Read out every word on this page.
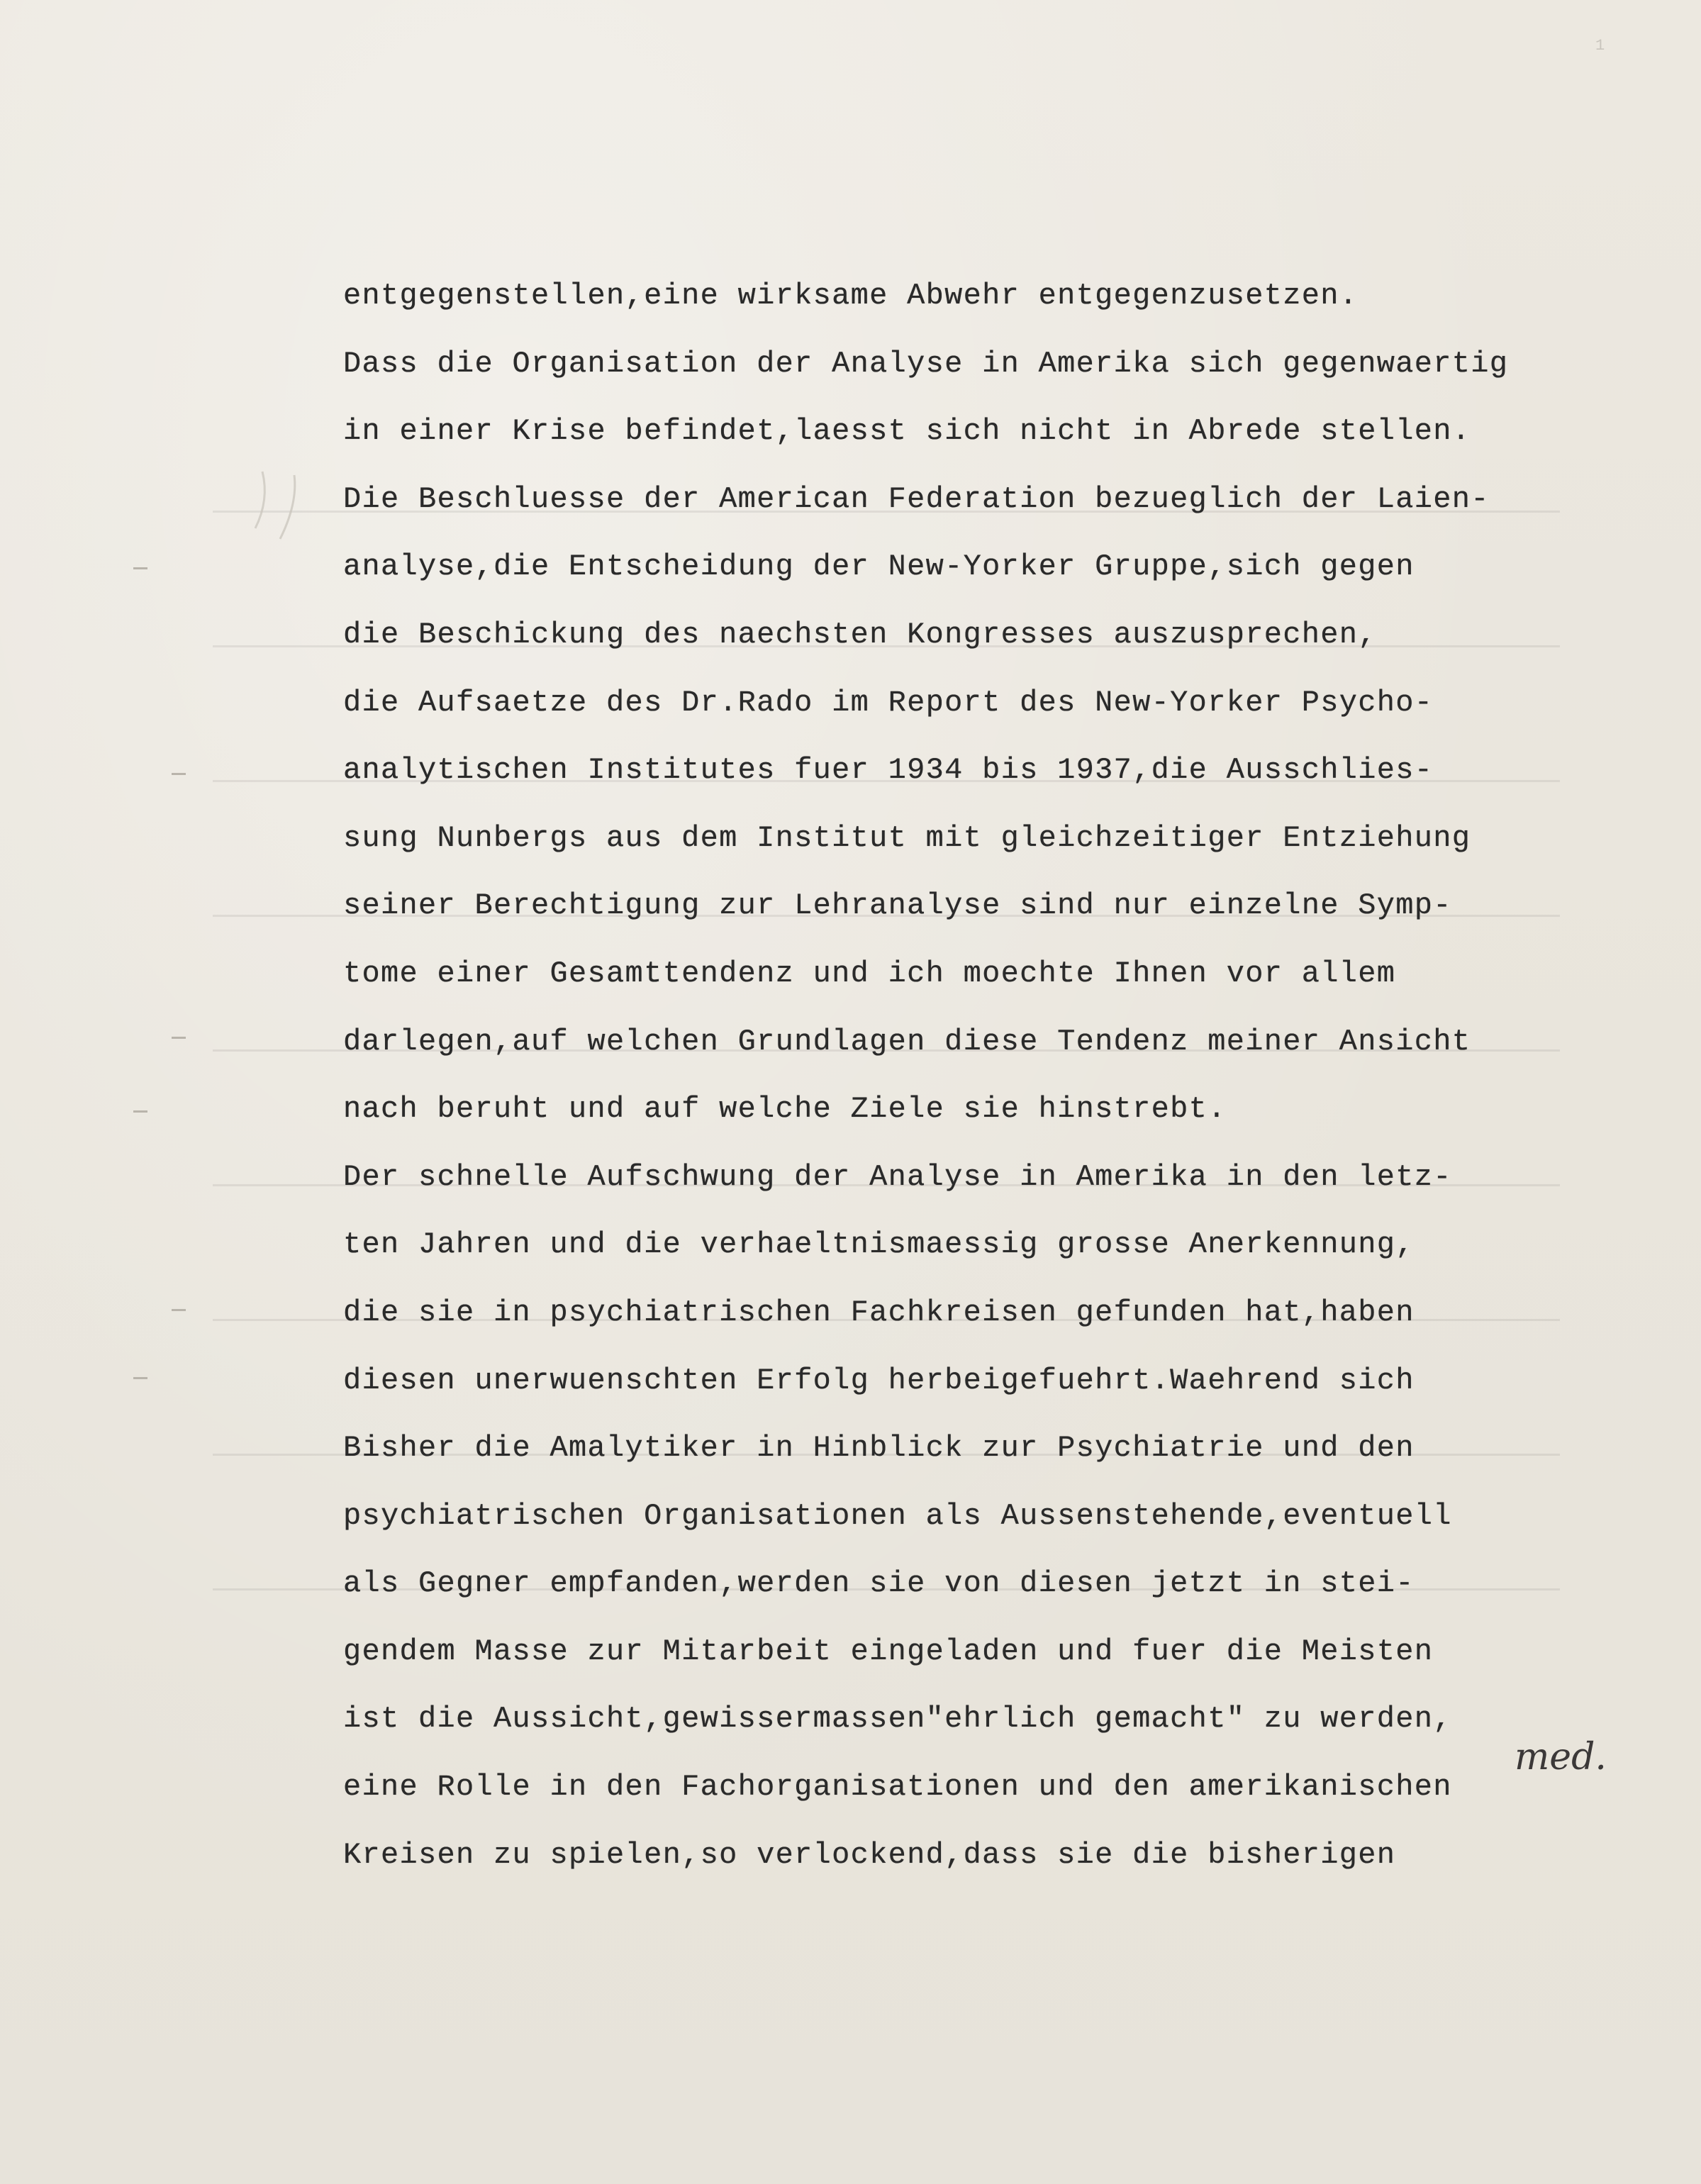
1
entgegenstellen,eine wirksame Abwehr entgegenzusetzen.
Dass die Organisation der Analyse in Amerika sich gegenwaertig
in einer Krise befindet,laesst sich nicht in Abrede stellen.
Die Beschluesse der American Federation bezueglich der Laien-
analyse,die Entscheidung der New-Yorker Gruppe,sich gegen
die Beschickung des naechsten Kongresses auszusprechen,
die Aufsaetze des Dr.Rado im Report des New-Yorker Psycho-
analytischen Institutes fuer 1934 bis 1937,die Ausschlies-
sung Nunbergs aus dem Institut mit gleichzeitiger Entziehung
seiner Berechtigung zur Lehranalyse sind nur einzelne Symp-
tome einer Gesamttendenz und ich moechte Ihnen vor allem
darlegen,auf welchen Grundlagen diese Tendenz meiner Ansicht
nach beruht und auf welche Ziele sie hinstrebt.
Der schnelle Aufschwung der Analyse in Amerika in den letz-
ten Jahren und die verhaeltnismaessig grosse Anerkennung,
die sie in psychiatrischen Fachkreisen gefunden hat,haben
diesen unerwuenschten Erfolg herbeigefuehrt.Waehrend sich
Bisher die Amalytiker in Hinblick zur Psychiatrie und den
psychiatrischen Organisationen als Aussenstehende,eventuell
als Gegner empfanden,werden sie von diesen jetzt in stei-
gendem Masse zur Mitarbeit eingeladen und fuer die Meisten
ist die Aussicht,gewissermassen"ehrlich gemacht" zu werden,
eine Rolle in den Fachorganisationen und den amerikanischen
Kreisen zu spielen,so verlockend,dass sie die bisherigen
med.
